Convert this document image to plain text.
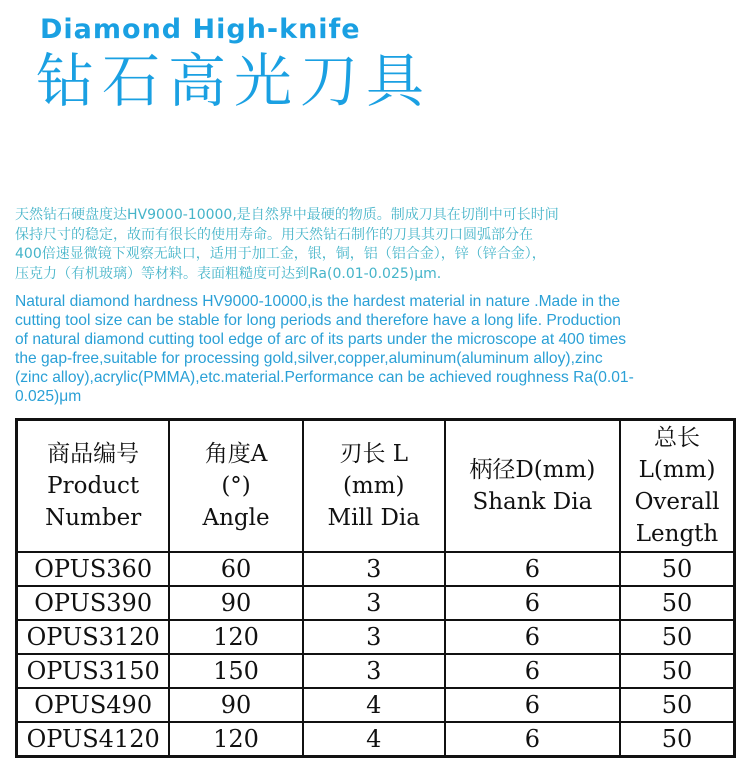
Diamond High-knife
钻石高光刀具
天然钻石硬盘度达HV9000-10000,是自然界中最硬的物质。制成刀具在切削中可长时间
保持尺寸的稳定，故而有很长的使用寿命。用天然钻石制作的刀具其刃口圆弧部分在
400倍速显微镜下观察无缺口，适用于加工金，银，铜，铝（铝合金），锌（锌合金），
压克力（有机玻璃）等材料。表面粗糙度可达到Ra(0.01-0.025)μm.
Natural diamond hardness HV9000-10000,is the hardest material in nature .Made in the
cutting tool size can be stable for long periods and therefore have a long life. Production
of natural diamond cutting tool edge of arc of its parts under the microscope at 400 times
the gap-free,suitable for processing gold,silver,copper,aluminum(aluminum alloy),zinc
(zinc alloy),acrylic(PMMA),etc.material.Performance can be achieved roughness Ra(0.01-
0.025)μm
商品编号
Product
Number	角度A
(°)
Angle	刃长 L
(mm)
Mill Dia	柄径D(mm)
Shank Dia	总长
L(mm)
Overall
Length

OPUS360	60	3	6	50
OPUS390	90	3	6	50
OPUS3120	120	3	6	50
OPUS3150	150	3	6	50
OPUS490	90	4	6	50
OPUS4120	120	4	6	50
